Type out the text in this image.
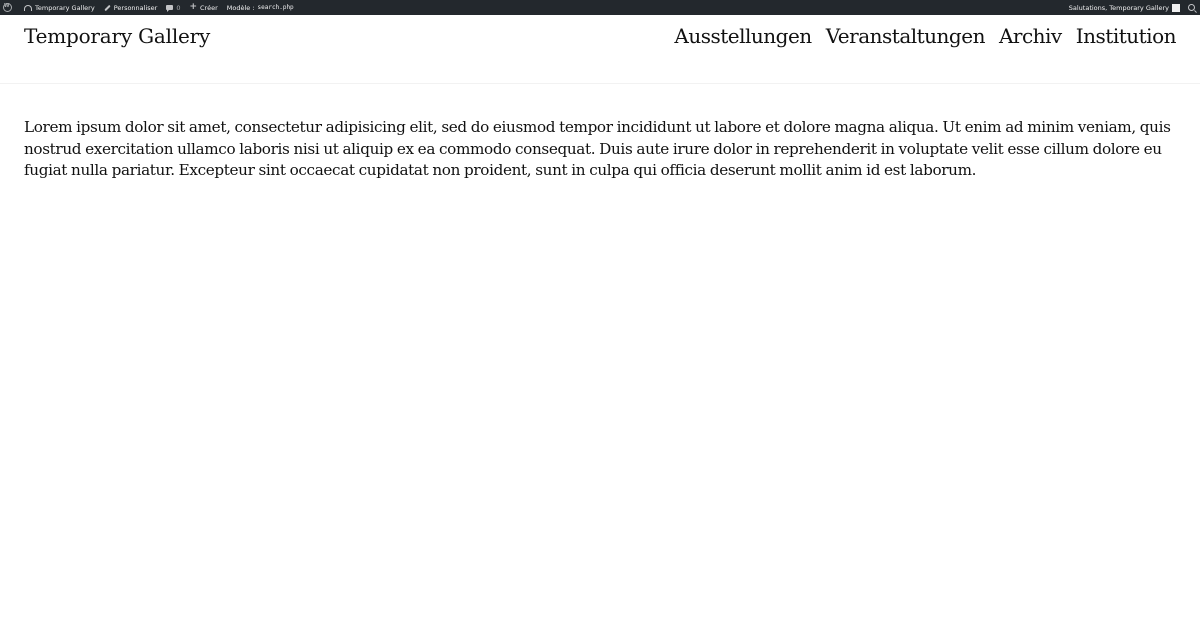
W	Temporary Gallery	Personnaliser	0 + Créer Modèle : search.php	Salutations, Temporary Gallery
Temporary Gallery	Ausstellungen Veranstaltungen Archiv Institution

Lorem ipsum dolor sit amet, consectetur adipisicing elit, sed do eiusmod tempor incididunt ut labore et dolore magna aliqua. Ut enim ad minim veniam, quis nostrud exercitation ullamco laboris nisi ut aliquip ex ea commodo consequat. Duis aute irure dolor in reprehenderit in voluptate velit esse cillum dolore eu fugiat nulla pariatur. Excepteur sint occaecat cupidatat non proident, sunt in culpa qui officia deserunt mollit anim id est laborum.
